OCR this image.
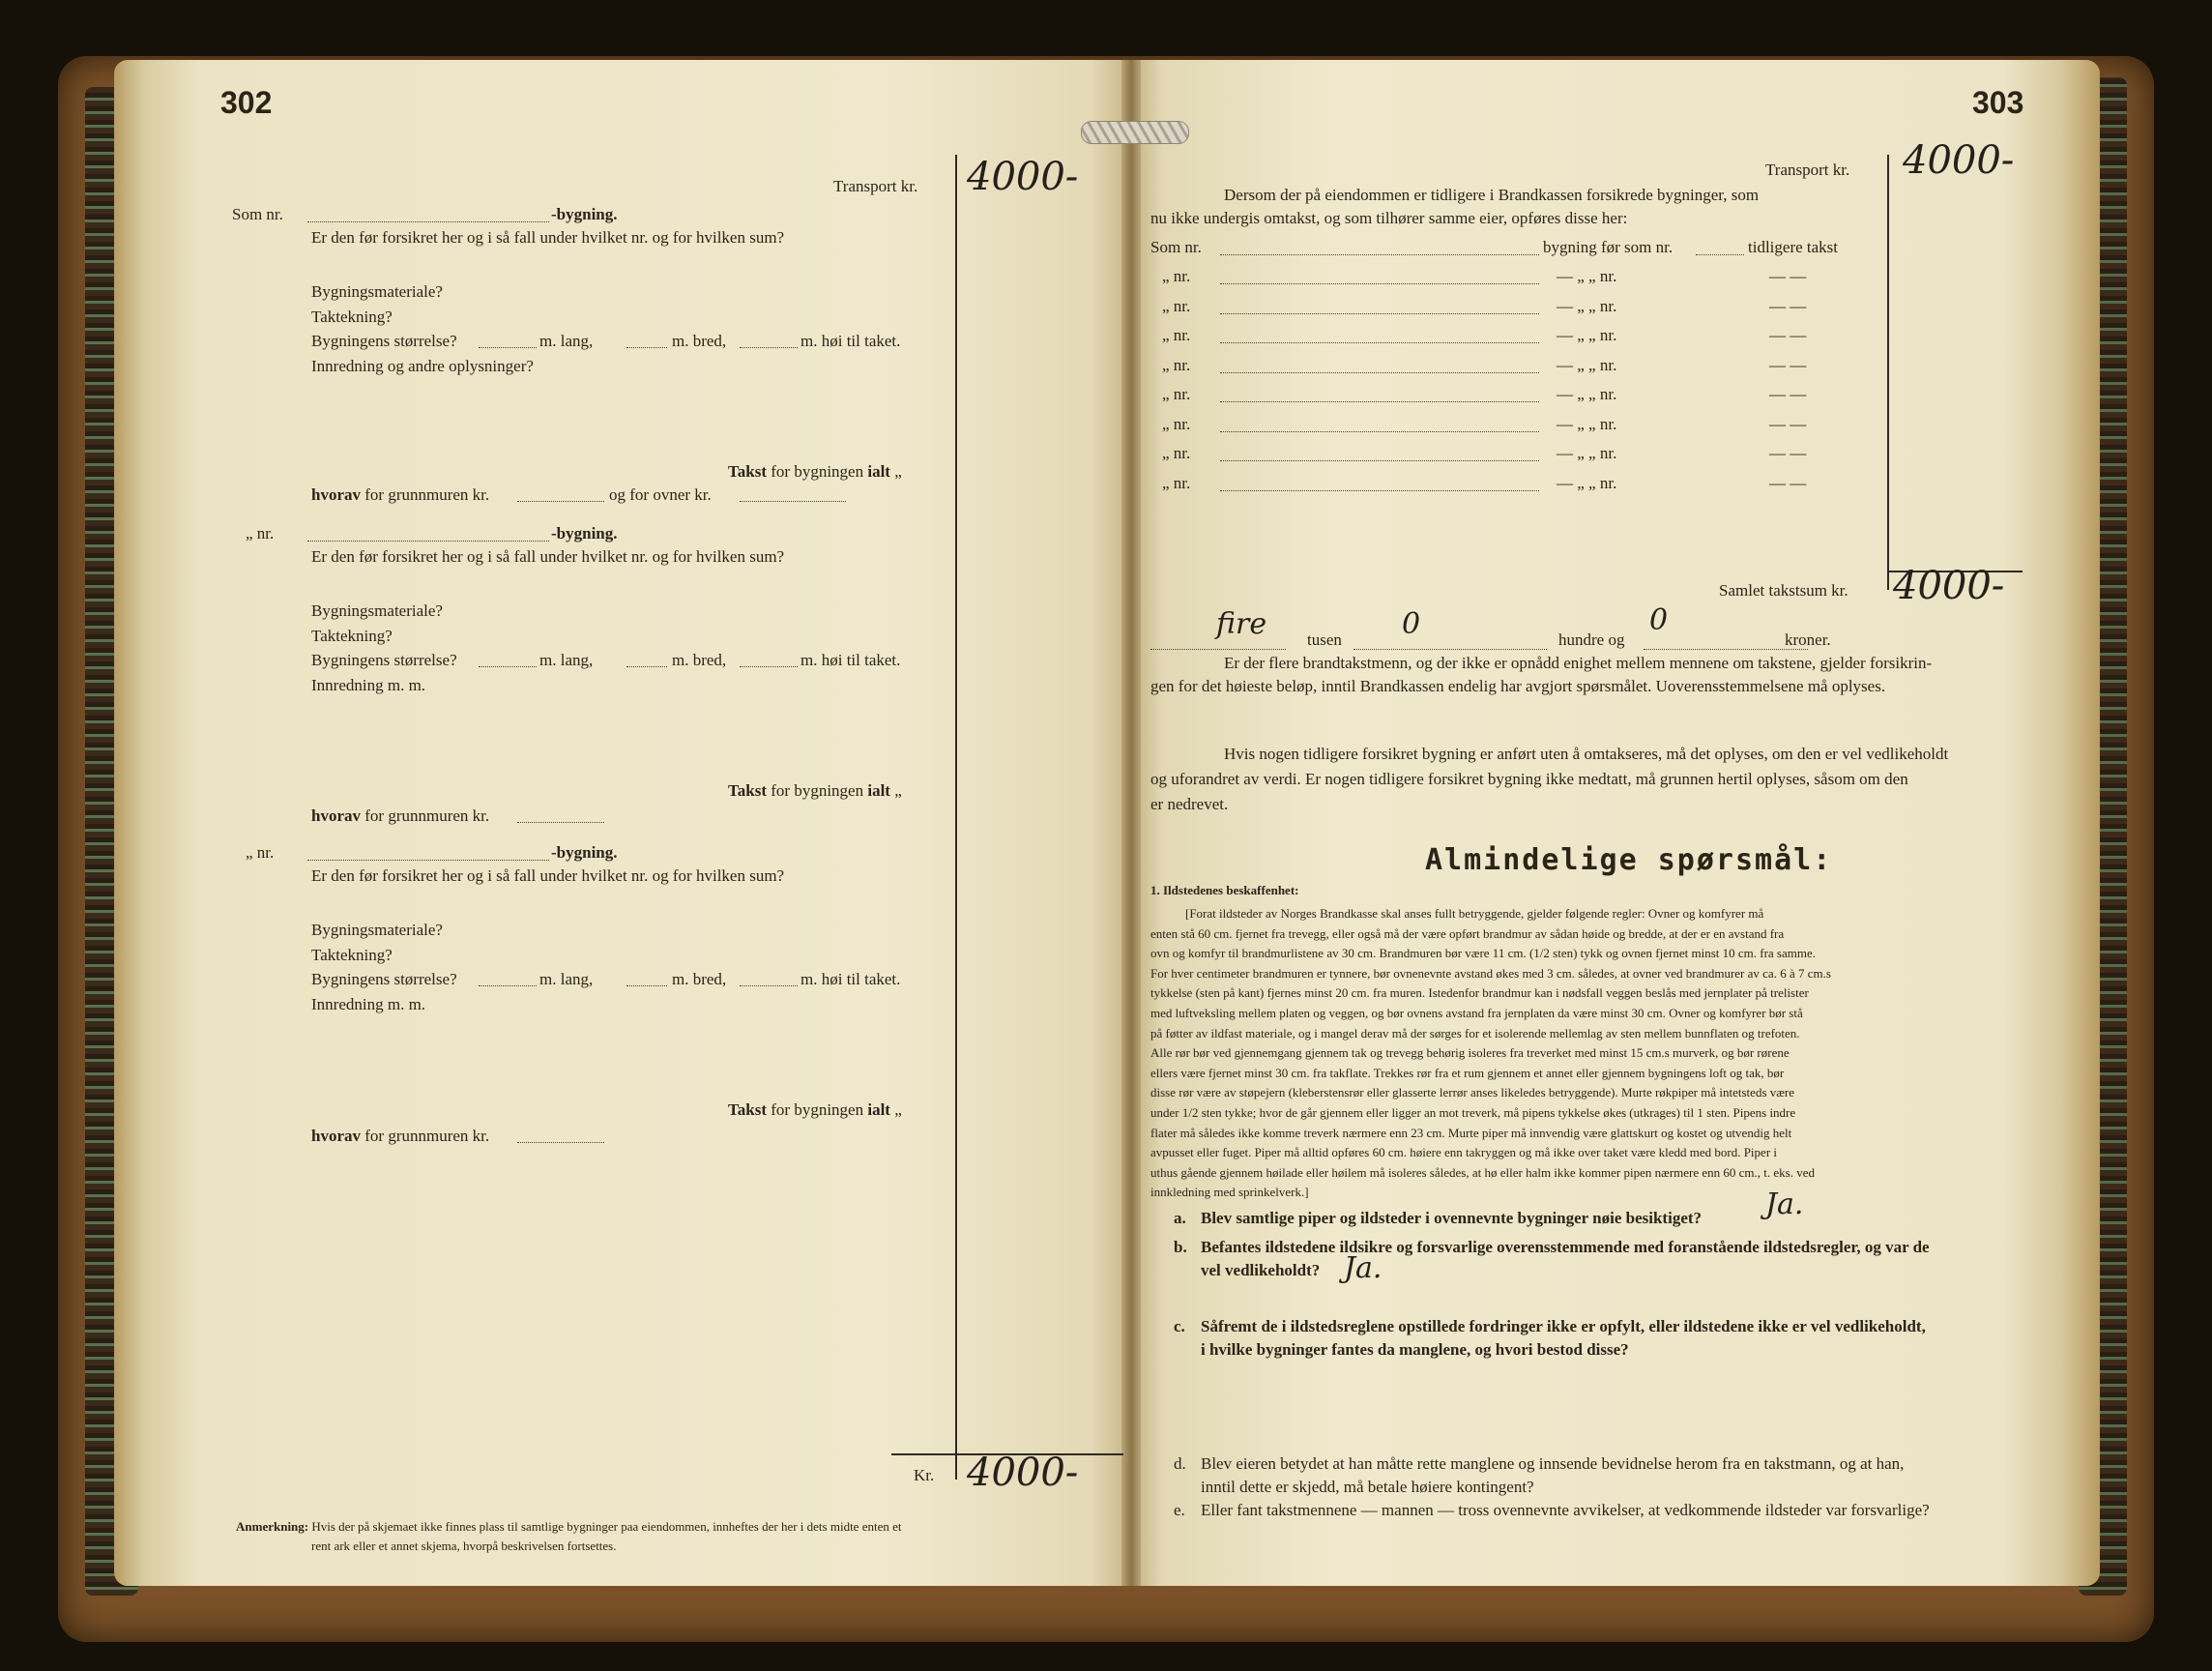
302
Transport kr. 4000-
Som nr.	-bygning.
Er den før forsikret her og i så fall under hvilket nr. og for hvilken sum?
Bygningsmateriale?
Taktekning?
Bygningens størrelse?	m. lang,	m. bred,	m. høi til taket.
Innredning og andre oplysninger?
Takst for bygningen ialt „
hvorav for grunnmuren kr.	og for ovner kr.
„ nr.	-bygning.
Er den før forsikret her og i så fall under hvilket nr. og for hvilken sum?
Bygningsmateriale?
Taktekning?
Bygningens størrelse?	m. lang,	m. bred,	m. høi til taket.
Innredning m. m.
Takst for bygningen ialt „
hvorav for grunnmuren kr.
„ nr.	-bygning.
Er den før forsikret her og i så fall under hvilket nr. og for hvilken sum?
Bygningsmateriale?
Taktekning?
Bygningens størrelse?	m. lang,	m. bred,	m. høi til taket.
Innredning m. m.
Takst for bygningen ialt „
hvorav for grunnmuren kr.
Kr. 4000-
Anmerkning: Hvis der på skjemaet ikke finnes plass til samtlige bygninger paa eiendommen, innheftes der her i dets midte enten et
rent ark eller et annet skjema, hvorpå beskrivelsen fortsettes.
303
Transport kr. 4000-
Dersom der på eiendommen er tidligere i Brandkassen forsikrede bygninger, som
nu ikke undergis omtakst, og som tilhører samme eier, opføres disse her:
Som nr.	bygning før som nr.	tidligere takst
„ nr.	— „ „ nr.	— —
„ nr.	— „ „ nr.	— —
„ nr.	— „ „ nr.	— —
„ nr.	— „ „ nr.	— —
„ nr.	— „ „ nr.	— —
„ nr.	— „ „ nr.	— —
„ nr.	— „ „ nr.	— —
„ nr.	— „ „ nr.	— —
Samlet takstsum kr. 4000-
fire tusen 0	hundre og
0
kroner.
Er der flere brandtakstmenn, og der ikke er opnådd enighet mellem mennene om takstene, gjelder forsikrin-
gen for det høieste beløp, inntil Brandkassen endelig har avgjort spørsmålet. Uoverensstemmelsene må oplyses.
Hvis nogen tidligere forsikret bygning er anført uten å omtakseres, må det oplyses, om den er vel vedlikeholdt
og uforandret av verdi. Er nogen tidligere forsikret bygning ikke medtatt, må grunnen hertil oplyses, såsom om den
er nedrevet.
Almindelige spørsmål:
1. Ildstedenes beskaffenhet:
[Forat ildsteder av Norges Brandkasse skal anses fullt betryggende, gjelder følgende regler: Ovner og komfyrer må
enten stå 60 cm. fjernet fra trevegg, eller også må der være opført brandmur av sådan høide og bredde, at der er en avstand fra
ovn og komfyr til brandmurlistene av 30 cm. Brandmuren bør være 11 cm. (1/2 sten) tykk og ovnen fjernet minst 10 cm. fra samme.
For hver centimeter brandmuren er tynnere, bør ovnenevnte avstand økes med 3 cm. således, at ovner ved brandmurer av ca. 6 à 7 cm.s
tykkelse (sten på kant) fjernes minst 20 cm. fra muren. Istedenfor brandmur kan i nødsfall veggen beslås med jernplater på trelister
med luftveksling mellem platen og veggen, og bør ovnens avstand fra jernplaten da være minst 30 cm. Ovner og komfyrer bør stå
på føtter av ildfast materiale, og i mangel derav må der sørges for et isolerende mellemlag av sten mellem bunnflaten og trefoten.
Alle rør bør ved gjennemgang gjennem tak og trevegg behørig isoleres fra treverket med minst 15 cm.s murverk, og bør rørene
ellers være fjernet minst 30 cm. fra takflate. Trekkes rør fra et rum gjennem et annet eller gjennem bygningens loft og tak, bør
disse rør være av støpejern (kleberstensrør eller glasserte lerrør anses likeledes betryggende). Murte røkpiper må intetsteds være
under 1/2 sten tykke; hvor de går gjennem eller ligger an mot treverk, må pipens tykkelse økes (utkrages) til 1 sten. Pipens indre
flater må således ikke komme treverk nærmere enn 23 cm. Murte piper må innvendig være glattskurt og kostet og utvendig helt
avpusset eller fuget. Piper må alltid opføres 60 cm. høiere enn takryggen og må ikke over taket være kledd med bord. Piper i
uthus gående gjennem høilade eller høilem må isoleres således, at hø eller halm ikke kommer pipen nærmere enn 60 cm., t. eks. ved
innkledning med sprinkelverk.]
a. Blev samtlige piper og ildsteder i ovennevnte bygninger nøie besiktiget? Ja.
b. Befantes ildstedene ildsikre og forsvarlige overensstemmende med foranstående ildstedsregler, og var de
vel vedlikeholdt? Ja.
c. Såfremt de i ildstedsreglene opstillede fordringer ikke er opfylt, eller ildstedene ikke er vel vedlikeholdt,
i hvilke bygninger fantes da manglene, og hvori bestod disse?
d. Blev eieren betydet at han måtte rette manglene og innsende bevidnelse herom fra en takstmann, og at han,
inntil dette er skjedd, må betale høiere kontingent?
e. Eller fant takstmennene — mannen — tross ovennevnte avvikelser, at vedkommende ildsteder var forsvarlige?
